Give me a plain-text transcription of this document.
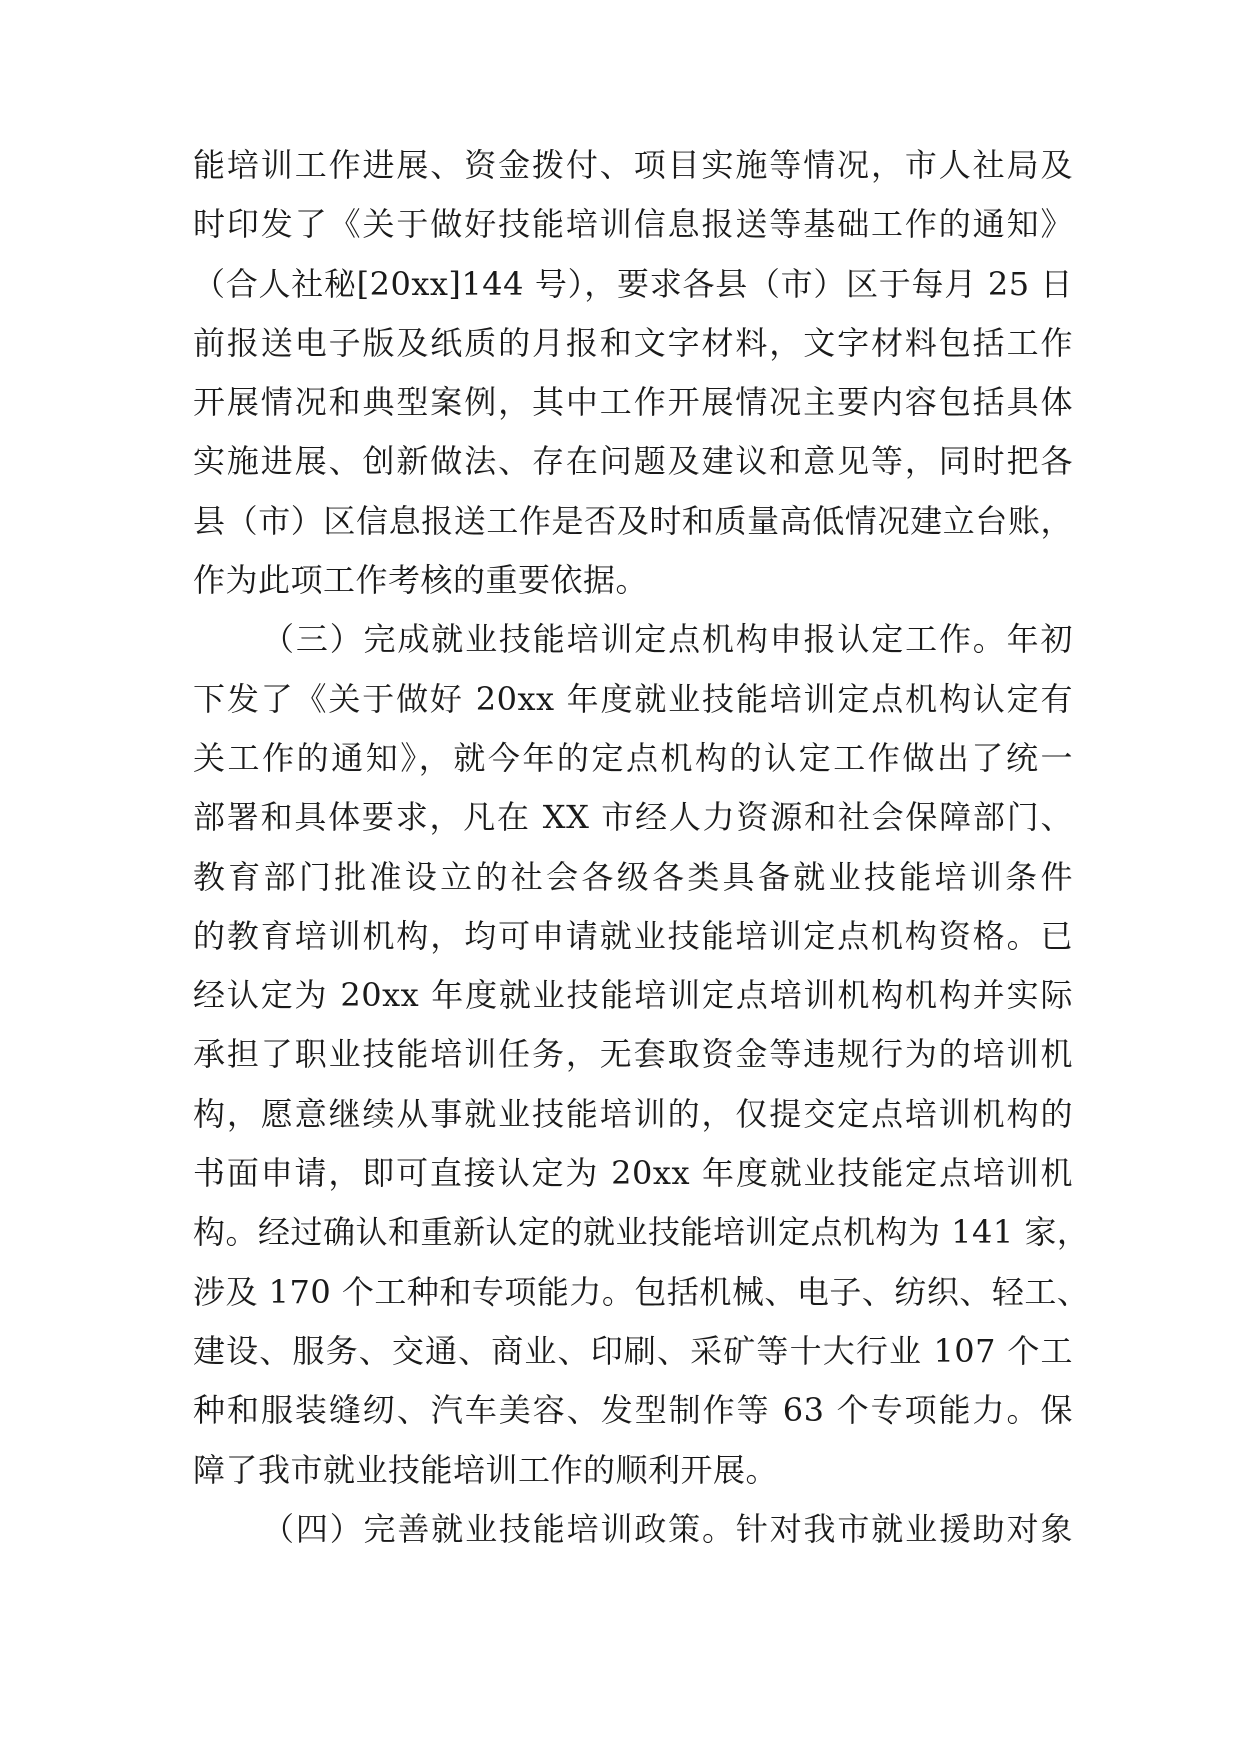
能培训工作进展、资金拨付、项目实施等情况，市人社局及
时印发了《关于做好技能培训信息报送等基础工作的通知》
（合人社秘[20xx]144 号），要求各县（市）区于每月 25 日
前报送电子版及纸质的月报和文字材料，文字材料包括工作
开展情况和典型案例，其中工作开展情况主要内容包括具体
实施进展、创新做法、存在问题及建议和意见等，同时把各
县（市）区信息报送工作是否及时和质量高低情况建立台账，
作为此项工作考核的重要依据。
（三）完成就业技能培训定点机构申报认定工作。年初
下发了《关于做好 20xx 年度就业技能培训定点机构认定有
关工作的通知》，就今年的定点机构的认定工作做出了统一
部署和具体要求，凡在 XX 市经人力资源和社会保障部门、
教育部门批准设立的社会各级各类具备就业技能培训条件
的教育培训机构，均可申请就业技能培训定点机构资格。已
经认定为 20xx 年度就业技能培训定点培训机构机构并实际
承担了职业技能培训任务，无套取资金等违规行为的培训机
构，愿意继续从事就业技能培训的，仅提交定点培训机构的
书面申请，即可直接认定为 20xx 年度就业技能定点培训机
构。经过确认和重新认定的就业技能培训定点机构为 141 家，
涉及 170 个工种和专项能力。包括机械、电子、纺织、轻工、
建设、服务、交通、商业、印刷、采矿等十大行业 107 个工
种和服装缝纫、汽车美容、发型制作等 63 个专项能力。保
障了我市就业技能培训工作的顺利开展。
（四）完善就业技能培训政策。针对我市就业援助对象
